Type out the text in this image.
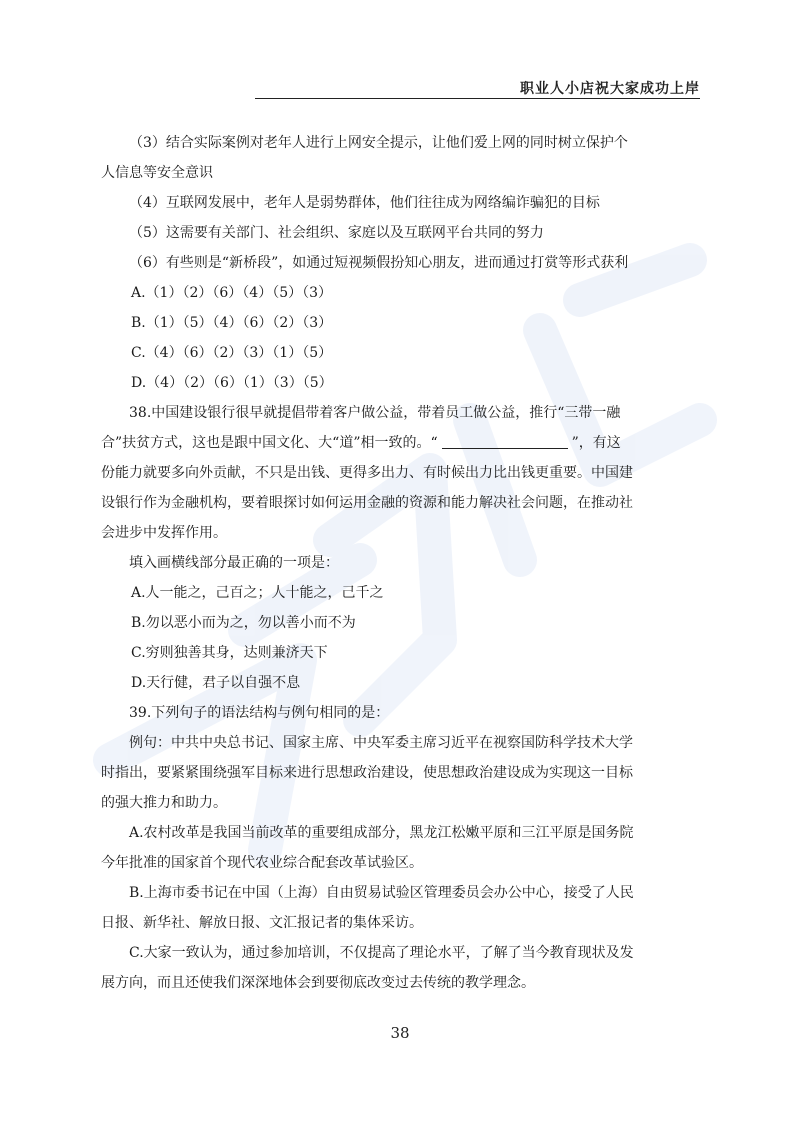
职业人小店祝大家成功上岸

（3）结合实际案例对老年人进行上网安全提示，让他们爱上网的同时树立保护个

人信息等安全意识

（4）互联网发展中，老年人是弱势群体，他们往往成为网络编诈骗犯的目标

（5）这需要有关部门、社会组织、家庭以及互联网平台共同的努力

（6）有些则是“新桥段”，如通过短视频假扮知心朋友，进而通过打赏等形式获利

A.（1）（2）（6）（4）（5）（3）

B.（1）（5）（4）（6）（2）（3）

C.（4）（6）（2）（3）（1）（5）

D.（4）（2）（6）（1）（3）（5）

38.中国建设银行很早就提倡带着客户做公益，带着员工做公益，推行“三带一融

合”扶贫方式，这也是跟中国文化、大“道”相一致的。“	”，有这

份能力就要多向外贡献，不只是出钱、更得多出力、有时候出力比出钱更重要。中国建

设银行作为金融机构，要着眼探讨如何运用金融的资源和能力解决社会问题，在推动社

会进步中发挥作用。

填入画横线部分最正确的一项是：

A.人一能之，己百之；人十能之，己千之

B.勿以恶小而为之，勿以善小而不为

C.穷则独善其身，达则兼济天下

D.天行健，君子以自强不息

39.下列句子的语法结构与例句相同的是：

例句：中共中央总书记、国家主席、中央军委主席习近平在视察国防科学技术大学

时指出，要紧紧围绕强军目标来进行思想政治建设，使思想政治建设成为实现这一目标

的强大推力和助力。

A.农村改革是我国当前改革的重要组成部分，黑龙江松嫩平原和三江平原是国务院

今年批准的国家首个现代农业综合配套改革试验区。

B.上海市委书记在中国（上海）自由贸易试验区管理委员会办公中心，接受了人民

日报、新华社、解放日报、文汇报记者的集体采访。

C.大家一致认为，通过参加培训，不仅提高了理论水平，了解了当今教育现状及发

展方向，而且还使我们深深地体会到要彻底改变过去传统的教学理念。

38
